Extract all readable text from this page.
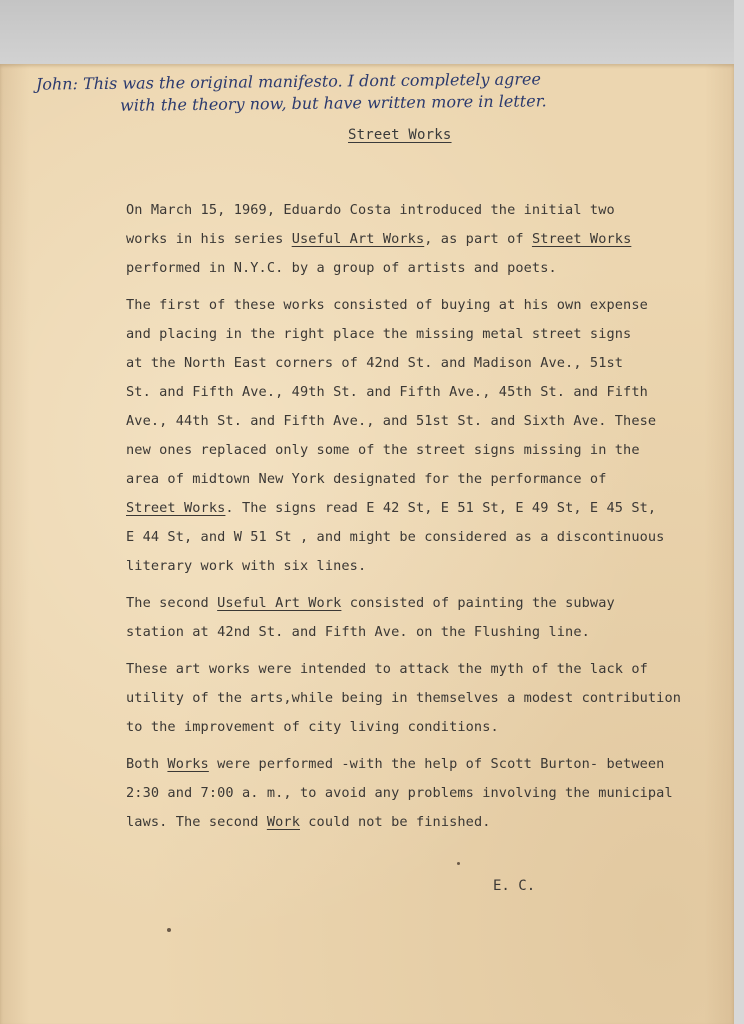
John: This was the original manifesto. I dont completely agree
with the theory now, but have written more in letter.
Street Works
On March 15, 1969, Eduardo Costa introduced the initial two
works in his series Useful Art Works, as part of Street Works
performed in N.Y.C. by a group of artists and poets.
The first of these works consisted of buying at his own expense
and placing in the right place the missing metal street signs
at the North East corners of 42nd St. and Madison Ave., 51st
St. and Fifth Ave., 49th St. and Fifth Ave., 45th St. and Fifth
Ave., 44th St. and Fifth Ave., and 51st St. and Sixth Ave. These
new ones replaced only some of the street signs missing in the
area of midtown New York designated for the performance of
Street Works. The signs read E 42 St, E 51 St, E 49 St, E 45 St,
E 44 St, and W 51 St , and might be considered as a discontinuous
literary work with six lines.
The second Useful Art Work consisted of painting the subway
station at 42nd St. and Fifth Ave. on the Flushing line.
These art works were intended to attack the myth of the lack of
utility of the arts,while being in themselves a modest contribution
to the improvement of city living conditions.
Both Works were performed -with the help of Scott Burton- between
2:30 and 7:00 a. m., to avoid any problems involving the municipal
laws. The second Work could not be finished.
E. C.
